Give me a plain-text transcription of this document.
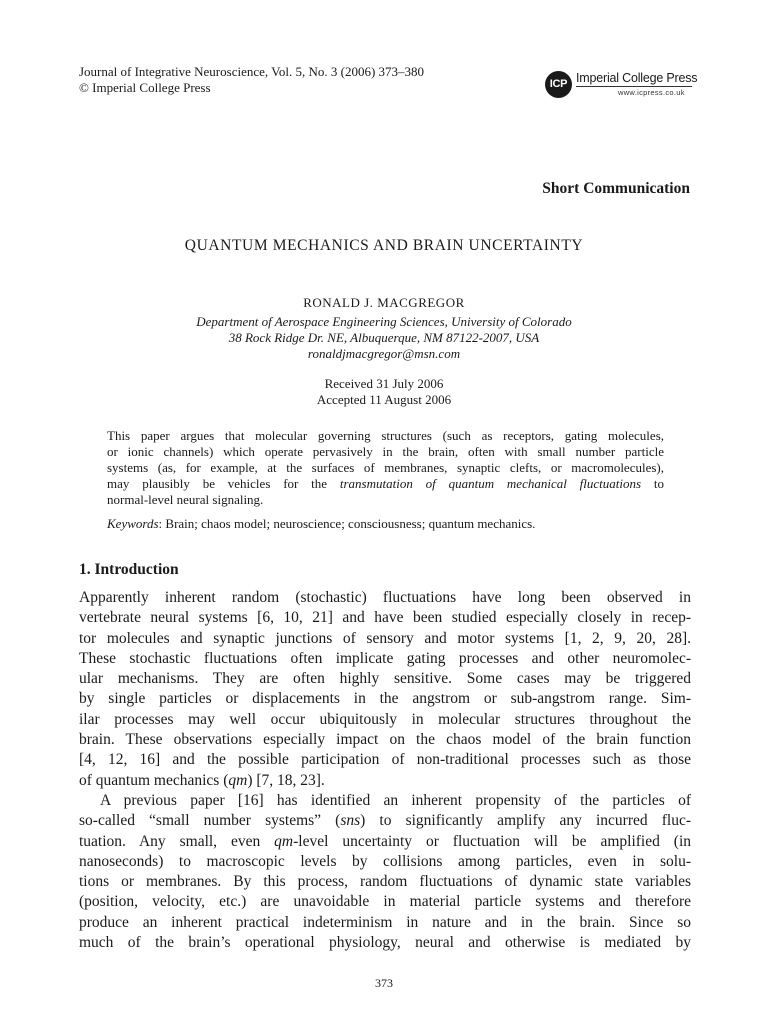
Journal of Integrative Neuroscience, Vol. 5, No. 3 (2006) 373–380
© Imperial College Press	ICP Imperial College Press
www.icpress.co.uk
Short Communication
QUANTUM MECHANICS AND BRAIN UNCERTAINTY
RONALD J. MACGREGOR
Department of Aerospace Engineering Sciences, University of Colorado
38 Rock Ridge Dr. NE, Albuquerque, NM 87122-2007, USA
ronaldjmacgregor@msn.com
Received 31 July 2006
Accepted 11 August 2006
This paper argues that molecular governing structures (such as receptors, gating molecules,
or ionic channels) which operate pervasively in the brain, often with small number particle
systems (as, for example, at the surfaces of membranes, synaptic clefts, or macromolecules),
may plausibly be vehicles for the transmutation of quantum mechanical fluctuations to
normal-level neural signaling.
Keywords: Brain; chaos model; neuroscience; consciousness; quantum mechanics.
1. Introduction
Apparently inherent random (stochastic) fluctuations have long been observed in
vertebrate neural systems [6, 10, 21] and have been studied especially closely in recep-
tor molecules and synaptic junctions of sensory and motor systems [1, 2, 9, 20, 28].
These stochastic fluctuations often implicate gating processes and other neuromolec-
ular mechanisms. They are often highly sensitive. Some cases may be triggered
by single particles or displacements in the angstrom or sub-angstrom range. Sim-
ilar processes may well occur ubiquitously in molecular structures throughout the
brain. These observations especially impact on the chaos model of the brain function
[4, 12, 16] and the possible participation of non-traditional processes such as those
of quantum mechanics (qm) [7, 18, 23].
A previous paper [16] has identified an inherent propensity of the particles of
so-called “small number systems” (sns) to significantly amplify any incurred fluc-
tuation. Any small, even qm-level uncertainty or fluctuation will be amplified (in
nanoseconds) to macroscopic levels by collisions among particles, even in solu-
tions or membranes. By this process, random fluctuations of dynamic state variables
(position, velocity, etc.) are unavoidable in material particle systems and therefore
produce an inherent practical indeterminism in nature and in the brain. Since so
much of the brain’s operational physiology, neural and otherwise is mediated by
373
